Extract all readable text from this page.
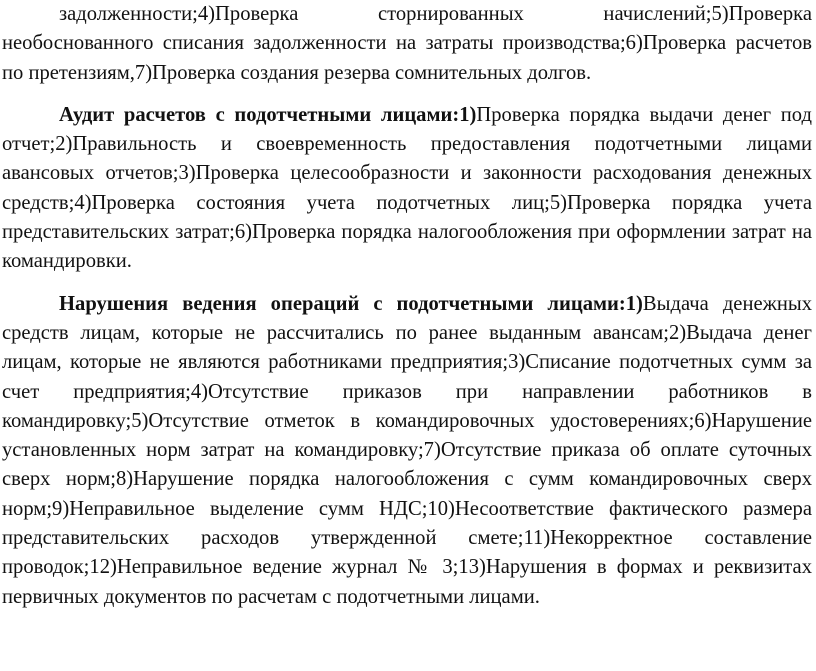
задолженности;4)Проверка сторнированных начислений;5)Проверка необоснованного списания задолженности на затраты производства;6)Проверка расчетов по претензиям,7)Проверка создания резерва сомнительных долгов.

Аудит расчетов с подотчетными лицами:1)Проверка порядка выдачи денег под отчет;2)Правильность и своевременность предоставления подотчетными лицами авансовых отчетов;3)Проверка целесообразности и законности расходования денежных средств;4)Проверка состояния учета подотчетных лиц;5)Проверка порядка учета представительских затрат;6)Проверка порядка налогообложения при оформлении затрат на командировки.

Нарушения ведения операций с подотчетными лицами:1)Выдача денежных средств лицам, которые не рассчитались по ранее выданным авансам;2)Выдача денег лицам, которые не являются работниками предприятия;3)Списание подотчетных сумм за счет предприятия;4)Отсутствие приказов при направлении работников в командировку;5)Отсутствие отметок в командировочных удостоверениях;6)Нарушение установленных норм затрат на командировку;7)Отсутствие приказа об оплате суточных сверх норм;8)Нарушение порядка налогообложения с сумм командировочных сверх норм;9)Неправильное выделение сумм НДС;10)Несоответствие фактического размера представительских расходов утвержденной смете;11)Некорректное составление проводок;12)Неправильное ведение журнал № 3;13)Нарушения в формах и реквизитах первичных документов по расчетам с подотчетными лицами.
